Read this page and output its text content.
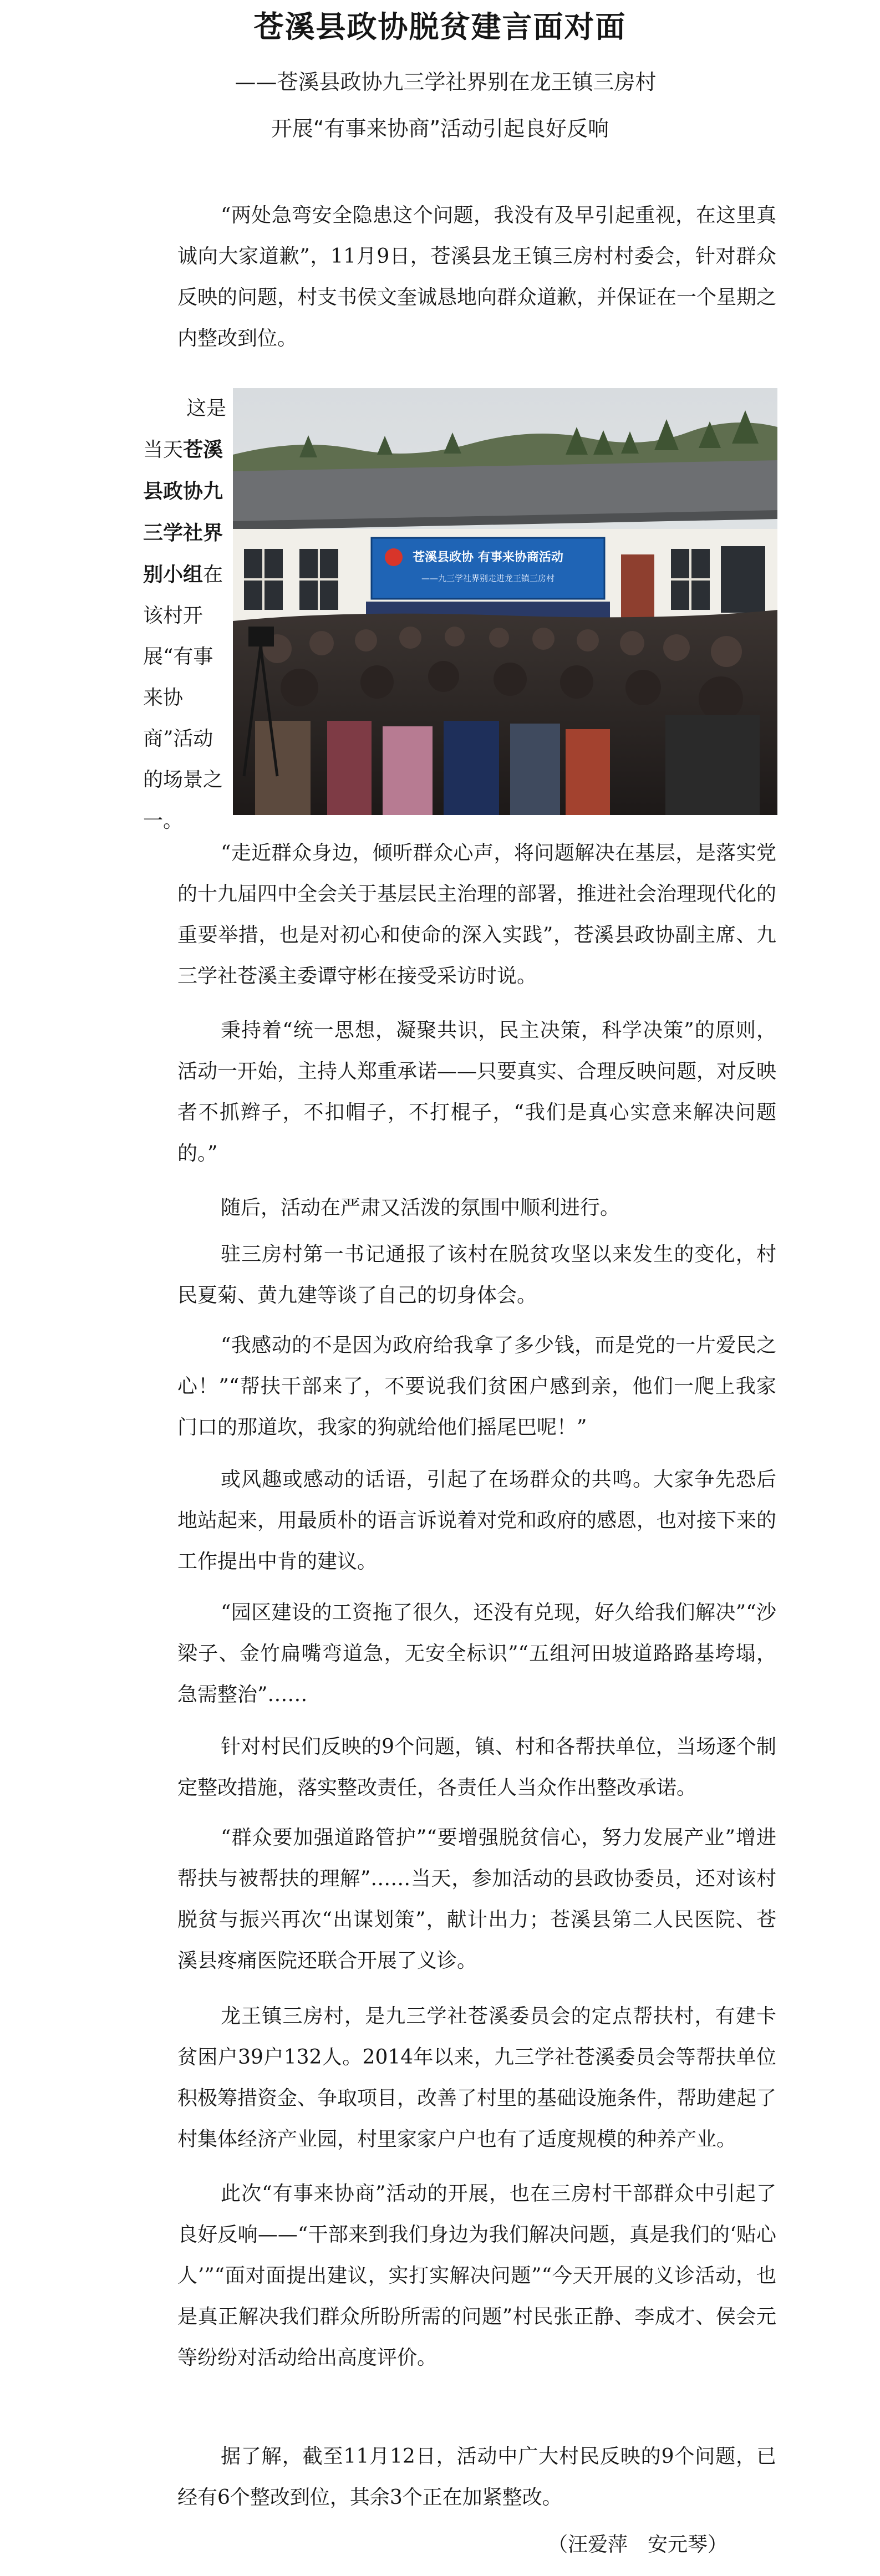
苍溪县政协脱贫建言面对面
——苍溪县政协九三学社界别在龙王镇三房村
开展“有事来协商”活动引起良好反响

“两处急弯安全隐患这个问题，我没有及早引起重视，在这里真诚向大家道歉”，11月9日，苍溪县龙王镇三房村村委会，针对群众反映的问题，村支书侯文奎诚恳地向群众道歉，并保证在一个星期之内整改到位。

这是当天苍溪县政协九三学社界别小组在该村开展“有事来协商”活动的场景之一。

苍溪县政协 有事来协商活动
——九三学社界别走进龙王镇三房村

“走近群众身边，倾听群众心声，将问题解决在基层，是落实党的十九届四中全会关于基层民主治理的部署，推进社会治理现代化的重要举措，也是对初心和使命的深入实践”，苍溪县政协副主席、九三学社苍溪主委谭守彬在接受采访时说。

秉持着“统一思想，凝聚共识，民主决策，科学决策”的原则，活动一开始，主持人郑重承诺——只要真实、合理反映问题，对反映者不抓辫子，不扣帽子，不打棍子，“我们是真心实意来解决问题的。”

随后，活动在严肃又活泼的氛围中顺利进行。

驻三房村第一书记通报了该村在脱贫攻坚以来发生的变化，村民夏菊、黄九建等谈了自己的切身体会。

“我感动的不是因为政府给我拿了多少钱，而是党的一片爱民之心！”“帮扶干部来了，不要说我们贫困户感到亲，他们一爬上我家门口的那道坎，我家的狗就给他们摇尾巴呢！”

或风趣或感动的话语，引起了在场群众的共鸣。大家争先恐后地站起来，用最质朴的语言诉说着对党和政府的感恩，也对接下来的工作提出中肯的建议。

“园区建设的工资拖了很久，还没有兑现，好久给我们解决”“沙梁子、金竹扁嘴弯道急，无安全标识”“五组河田坡道路路基垮塌，急需整治”……

针对村民们反映的9个问题，镇、村和各帮扶单位，当场逐个制定整改措施，落实整改责任，各责任人当众作出整改承诺。

“群众要加强道路管护”“要增强脱贫信心，努力发展产业”增进帮扶与被帮扶的理解”……当天，参加活动的县政协委员，还对该村脱贫与振兴再次“出谋划策”，献计出力；苍溪县第二人民医院、苍溪县疼痛医院还联合开展了义诊。

龙王镇三房村，是九三学社苍溪委员会的定点帮扶村，有建卡贫困户39户132人。2014年以来，九三学社苍溪委员会等帮扶单位积极筹措资金、争取项目，改善了村里的基础设施条件，帮助建起了村集体经济产业园，村里家家户户也有了适度规模的种养产业。

此次“有事来协商”活动的开展，也在三房村干部群众中引起了良好反响——“干部来到我们身边为我们解决问题，真是我们的‘贴心人’”“面对面提出建议，实打实解决问题”“今天开展的义诊活动，也是真正解决我们群众所盼所需的问题”村民张正静、李成才、侯会元等纷纷对活动给出高度评价。

据了解，截至11月12日，活动中广大村民反映的9个问题，已经有6个整改到位，其余3个正在加紧整改。

（汪爱萍　安元琴）
